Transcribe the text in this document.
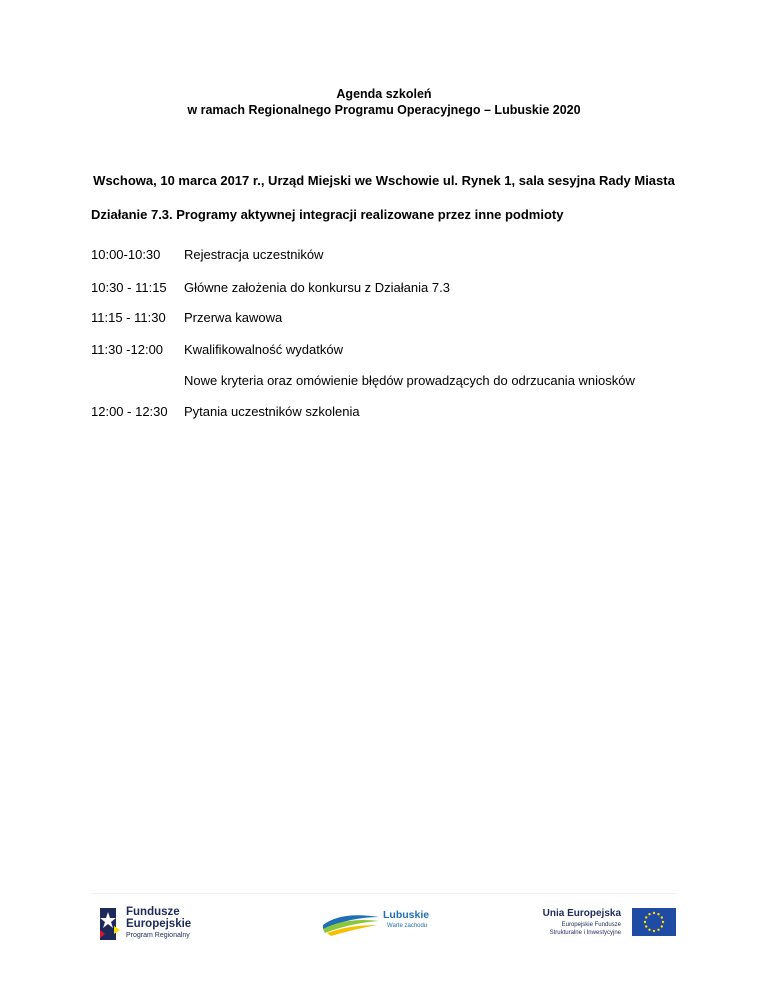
Agenda szkoleń
w ramach Regionalnego Programu Operacyjnego – Lubuskie 2020
Wschowa, 10 marca 2017 r., Urząd Miejski we Wschowie ul. Rynek 1, sala sesyjna Rady Miasta
Działanie 7.3. Programy aktywnej integracji realizowane przez inne podmioty
10:00-10:30 Rejestracja uczestników
10:30 - 11:15 Główne założenia do konkursu z Działania 7.3
11:15 - 11:30 Przerwa kawowa
11:30 -12:00 Kwalifikowalność wydatków
Nowe kryteria oraz omówienie błędów prowadzących do odrzucania wniosków
12:00 - 12:30 Pytania uczestników szkolenia
Fundusze
Europejskie
Program Regionalny
Lubuskie
Warte zachodu
Unia Europejska
Europejskie Fundusze
Strukturalne i Inwestycyjne
